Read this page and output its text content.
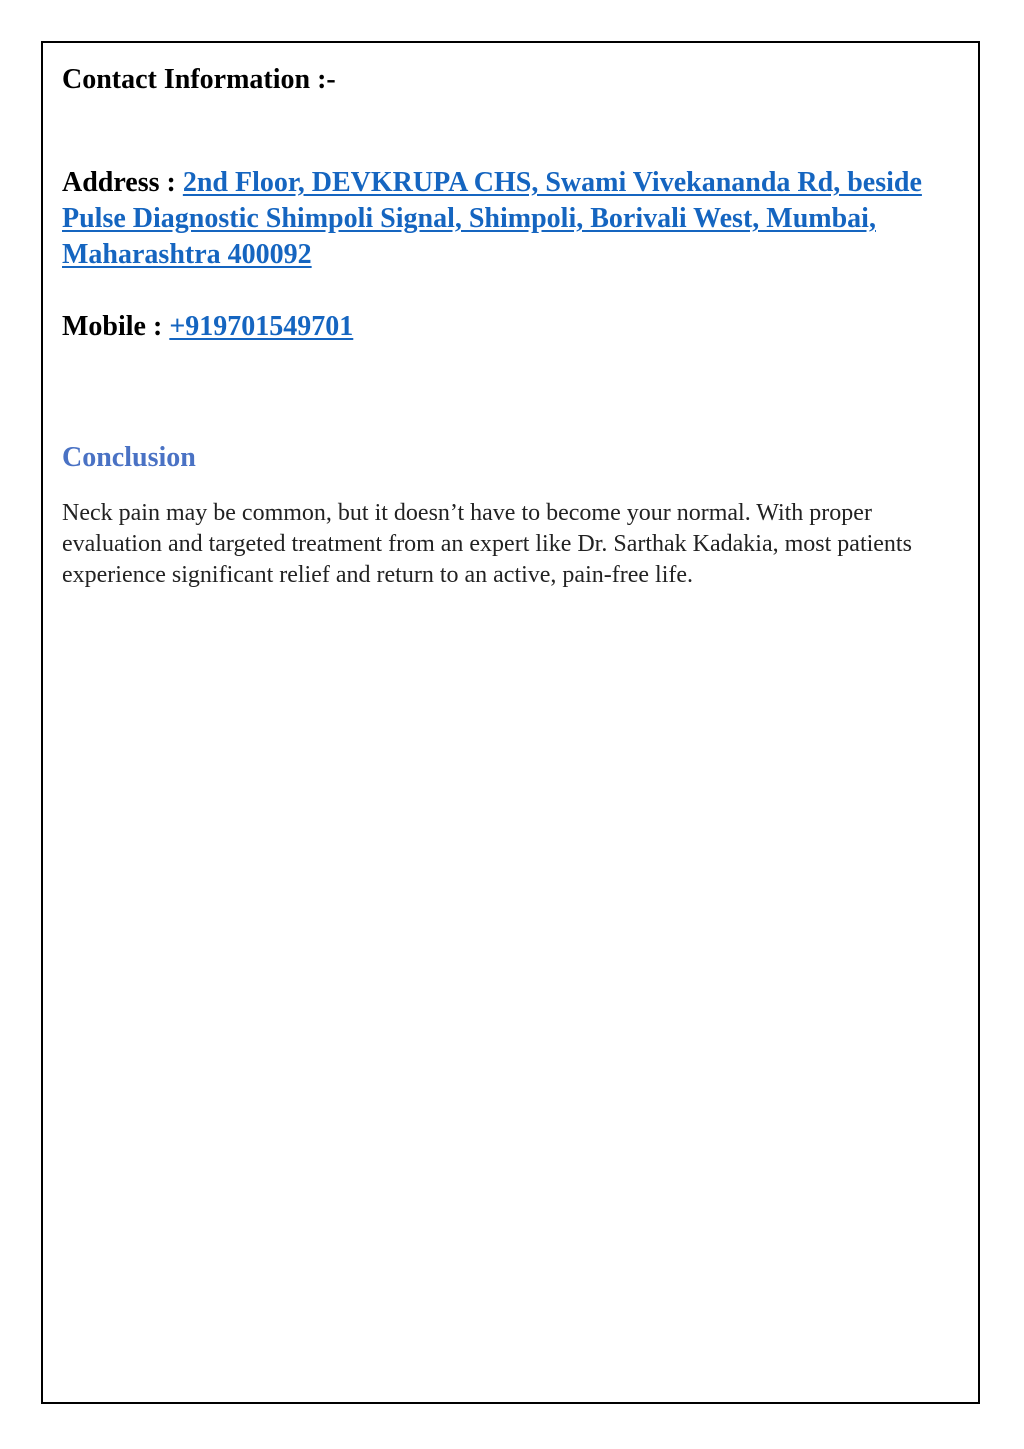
Contact Information :-

Address : 2nd Floor, DEVKRUPA CHS, Swami Vivekananda Rd, beside Pulse Diagnostic Shimpoli Signal, Shimpoli, Borivali West, Mumbai, Maharashtra 400092

Mobile : +919701549701

Conclusion

Neck pain may be common, but it doesn’t have to become your normal. With proper evaluation and targeted treatment from an expert like Dr. Sarthak Kadakia, most patients experience significant relief and return to an active, pain-free life.
